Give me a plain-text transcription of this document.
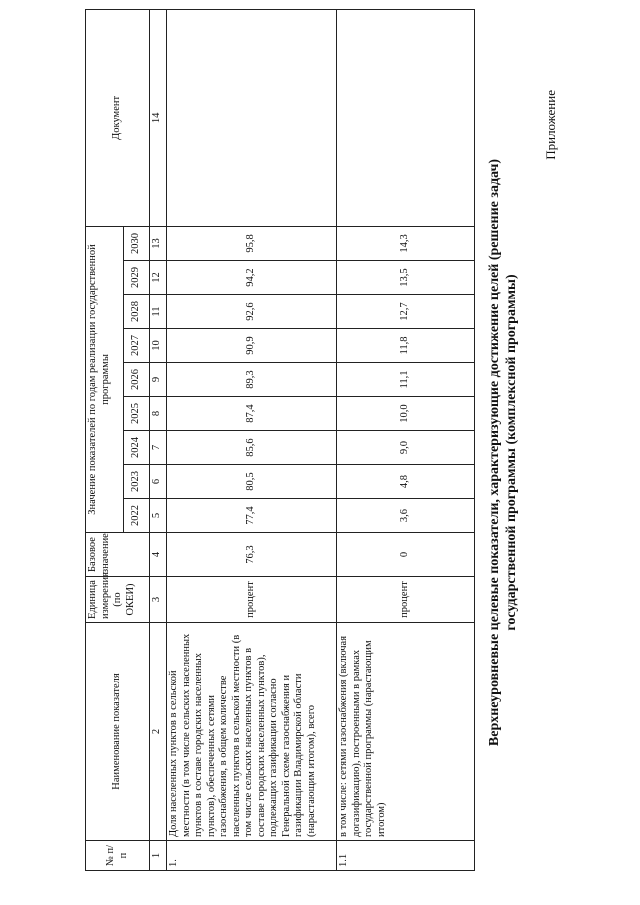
Приложение
Верхнеуровневые целевые показатели, характеризующие достижение целей (решение задач) государственной программы (комплексной программы)
№ п/п	Наименование показателя	Единица измерения (по ОКЕИ)	Базовое значение	Значение показателей по годам реализации государственной программы									Документ
				2022	2023	2024	2025	2026	2027	2028	2029	2030	
1	2	3	4	5	6	7	8	9	10	11	12	13	14
1.	Доля населенных пунктов в сельской местности (в том числе сельских населенных пунктов в составе городских населенных пунктов), обеспеченных сетями газоснабжения, в общем количестве населенных пунктов в сельской местности (в том числе сельских населенных пунктов в составе городских населенных пунктов), подлежащих газификации согласно Генеральной схеме газоснабжения и газификации Владимирской области (нарастающим итогом), всего	процент	76,3	77,4	80,5	85,6	87,4	89,3	90,9	92,6	94,2	95,8	
1.1	в том числе: сетями газоснабжения (включая догазификацию), построенными в рамках государственной программы (нарастающим итогом)	процент	0	3,6	4,8	9,0	10,0	11,1	11,8	12,7	13,5	14,3	
